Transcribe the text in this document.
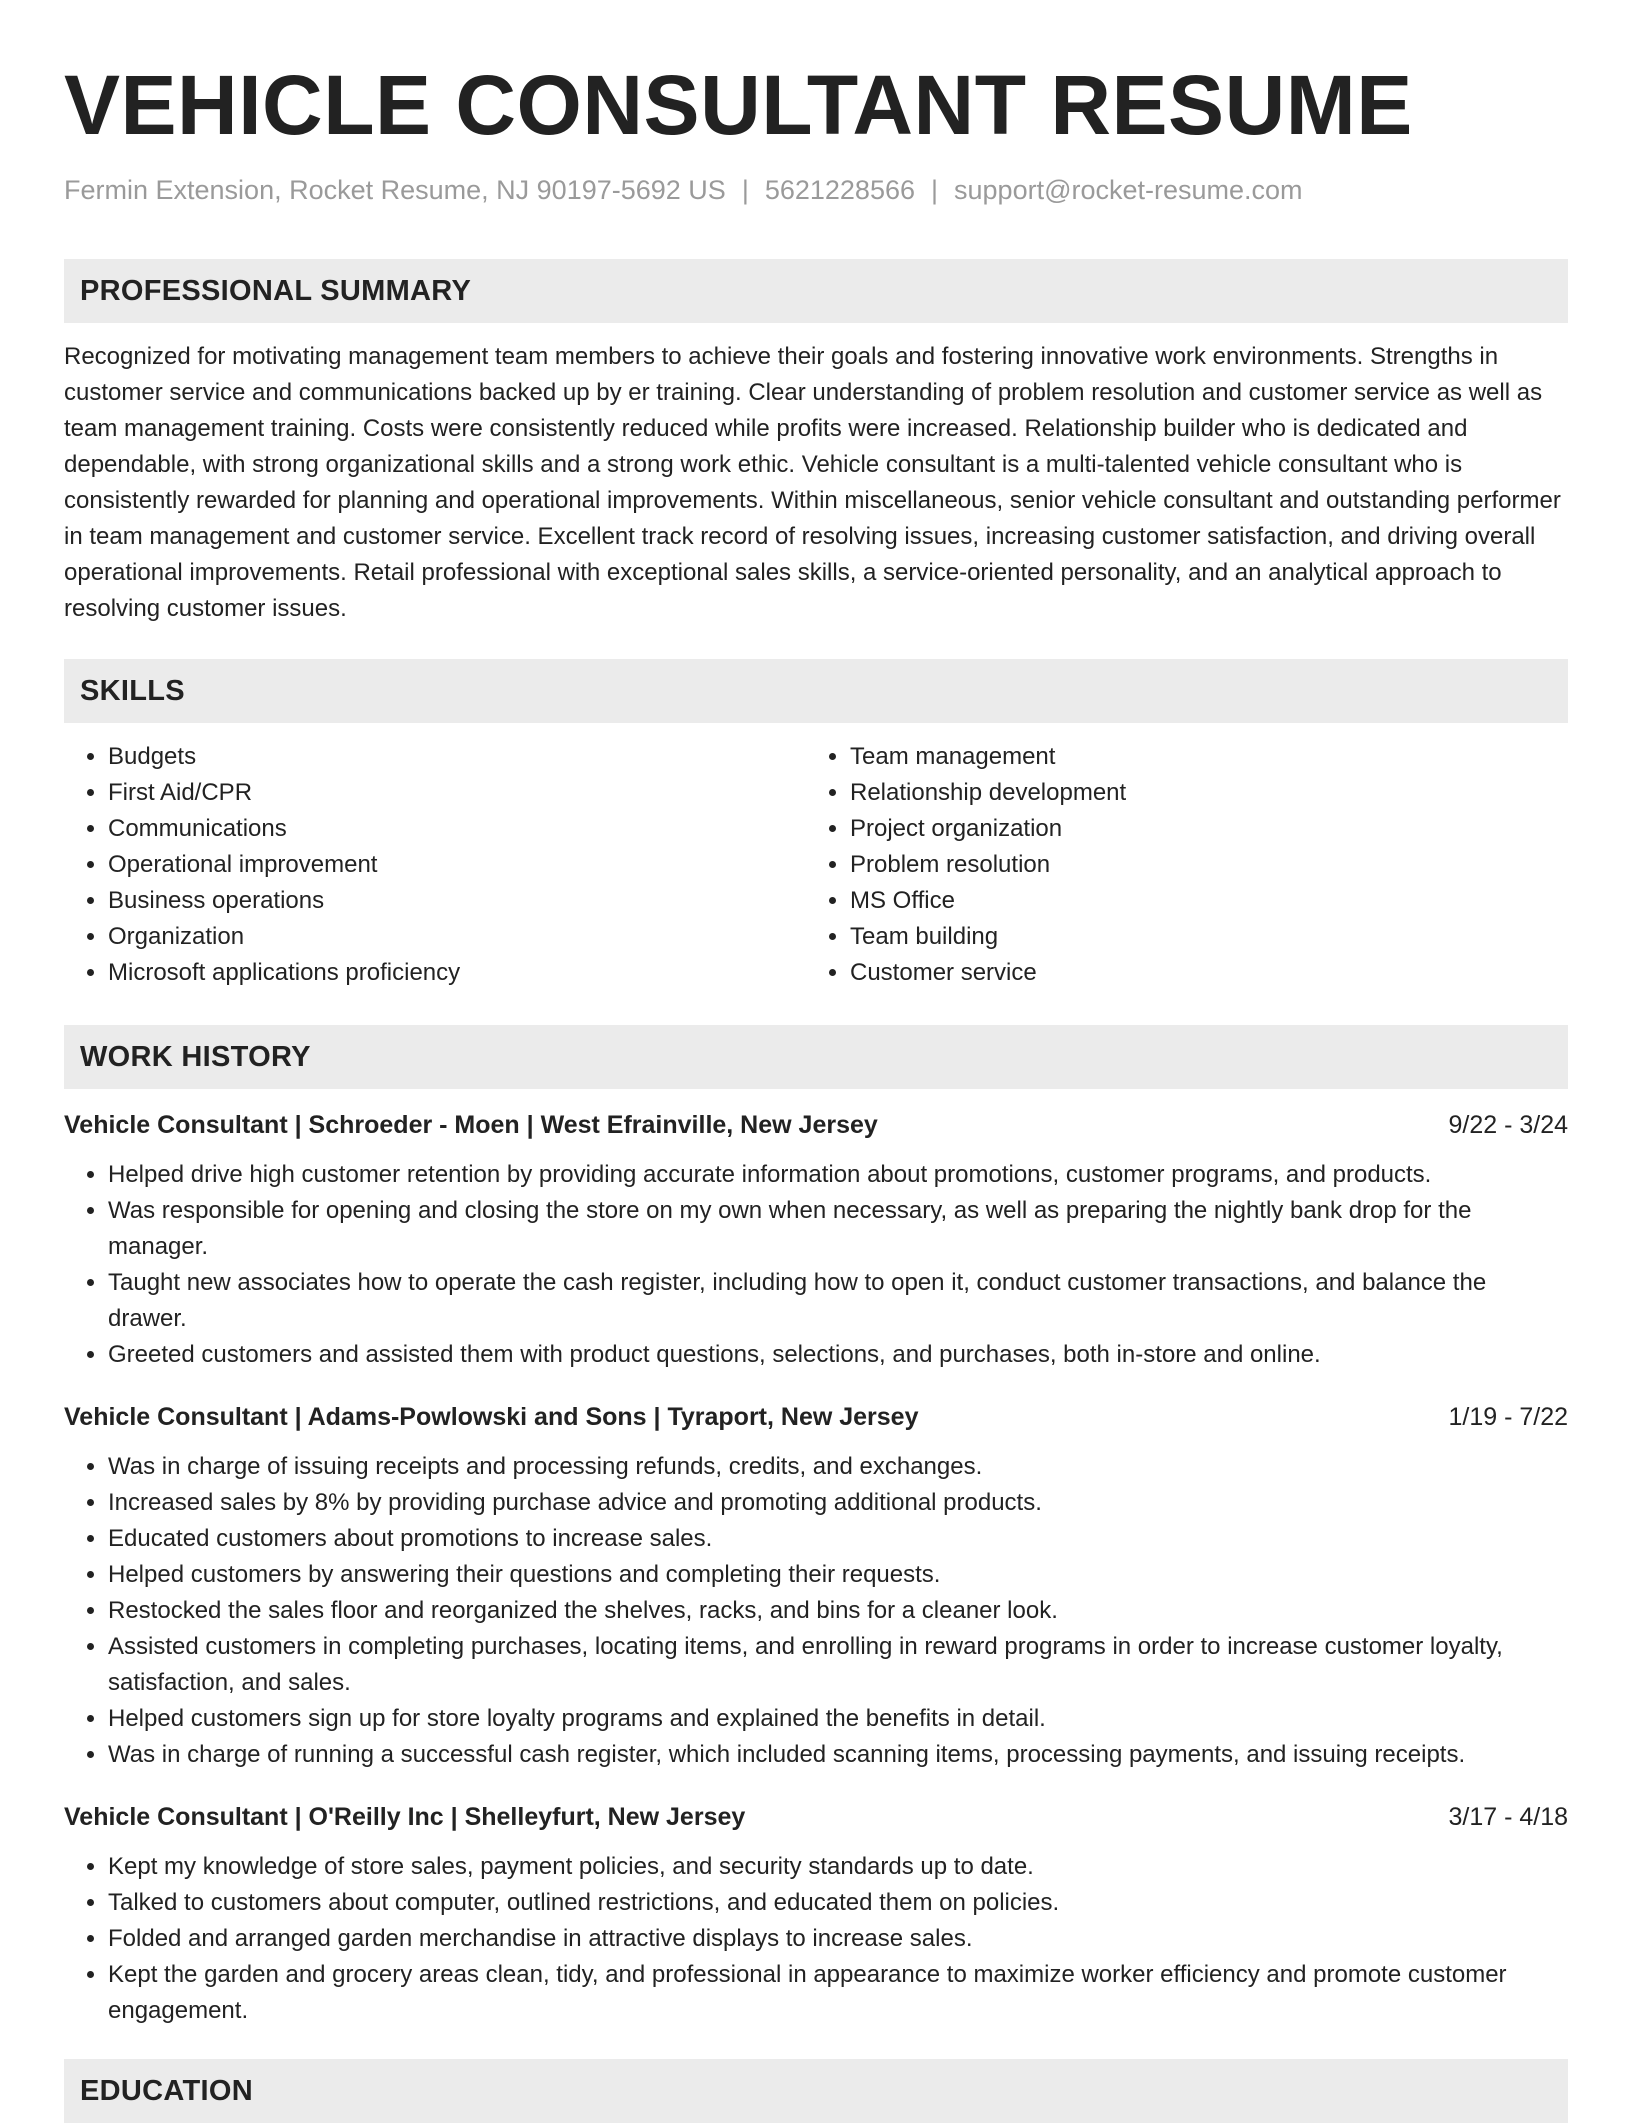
VEHICLE CONSULTANT RESUME
Fermin Extension, Rocket Resume, NJ 90197-5692 US | 5621228566 | support@rocket-resume.com
PROFESSIONAL SUMMARY

Recognized for motivating management team members to achieve their goals and fostering innovative work environments. Strengths in customer service and communications backed up by er training. Clear understanding of problem resolution and customer service as well as team management training. Costs were consistently reduced while profits were increased. Relationship builder who is dedicated and dependable, with strong organizational skills and a strong work ethic. Vehicle consultant is a multi-talented vehicle consultant who is consistently rewarded for planning and operational improvements. Within miscellaneous, senior vehicle consultant and outstanding performer in team management and customer service. Excellent track record of resolving issues, increasing customer satisfaction, and driving overall operational improvements. Retail professional with exceptional sales skills, a service-oriented personality, and an analytical approach to resolving customer issues.

SKILLS
• Budgets
• First Aid/CPR
• Communications
• Operational improvement
• Business operations
• Organization
• Microsoft applications proficiency
• Team management
• Relationship development
• Project organization
• Problem resolution
• MS Office
• Team building
• Customer service
WORK HISTORY
Vehicle Consultant | Schroeder - Moen | West Efrainville, New Jersey	9/22 - 3/24
• Helped drive high customer retention by providing accurate information about promotions, customer programs, and products.
• Was responsible for opening and closing the store on my own when necessary, as well as preparing the nightly bank drop for the manager.
• Taught new associates how to operate the cash register, including how to open it, conduct customer transactions, and balance the drawer.
• Greeted customers and assisted them with product questions, selections, and purchases, both in-store and online.
Vehicle Consultant | Adams-Powlowski and Sons | Tyraport, New Jersey	1/19 - 7/22
• Was in charge of issuing receipts and processing refunds, credits, and exchanges.
• Increased sales by 8% by providing purchase advice and promoting additional products.
• Educated customers about promotions to increase sales.
• Helped customers by answering their questions and completing their requests.
• Restocked the sales floor and reorganized the shelves, racks, and bins for a cleaner look.
• Assisted customers in completing purchases, locating items, and enrolling in reward programs in order to increase customer loyalty, satisfaction, and sales.
• Helped customers sign up for store loyalty programs and explained the benefits in detail.
• Was in charge of running a successful cash register, which included scanning items, processing payments, and issuing receipts.
Vehicle Consultant | O'Reilly Inc | Shelleyfurt, New Jersey	3/17 - 4/18
• Kept my knowledge of store sales, payment policies, and security standards up to date.
• Talked to customers about computer, outlined restrictions, and educated them on policies.
• Folded and arranged garden merchandise in attractive displays to increase sales.
• Kept the garden and grocery areas clean, tidy, and professional in appearance to maximize worker efficiency and promote customer engagement.
EDUCATION
